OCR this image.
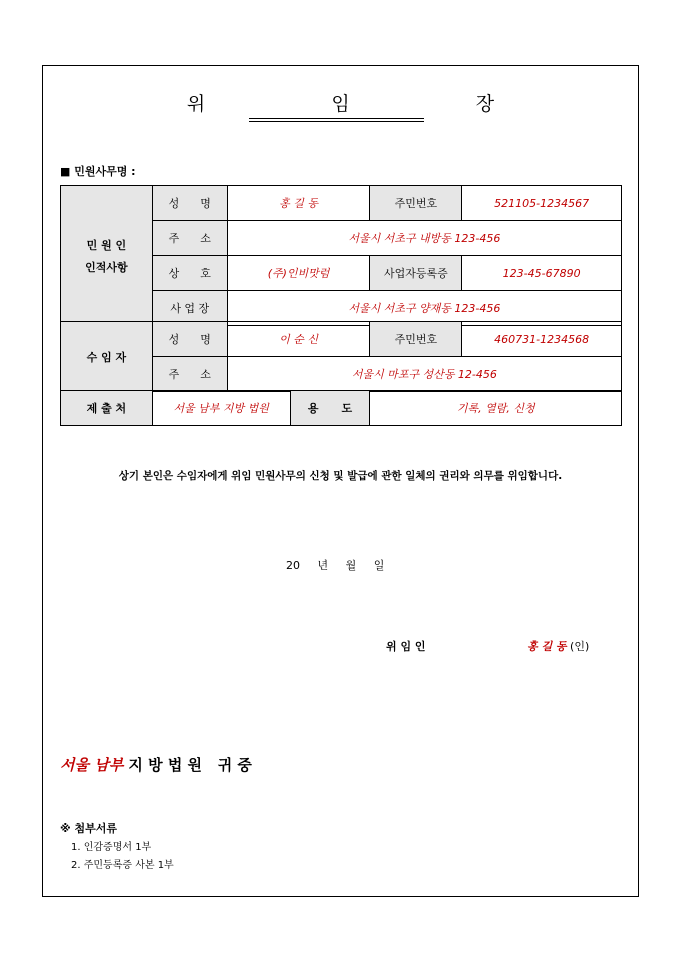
위   임   장
■ 민원사무명 :
민 원 인
인적사항	성      명	홍 길 동	주민번호	521105-1234567
	주      소	서울시 서초구 내방동 123-456		
	상      호	(주)인비맛럼	사업자등록증	123-45-67890
	사 업 장	서울시 서초구 양재동 123-456		
수 임 자	성      명	이 순 신	주민번호	460731-1234568
	주      소	서울시 마포구 성산동 12-456		
제 출 처	서울 남부 지방 법원	용      도	기록, 열람, 신청
상기 본인은 수임자에게 위임 민원사무의 신청 및 발급에 관한 일체의 권리와 의무를 위임합니다.
20 년 월 일
위 임 인	홍 길 동 (인)
서울 남부 지 방 법 원   귀 중
※ 첨부서류
1. 인감증명서 1부
2. 주민등록증 사본 1부
